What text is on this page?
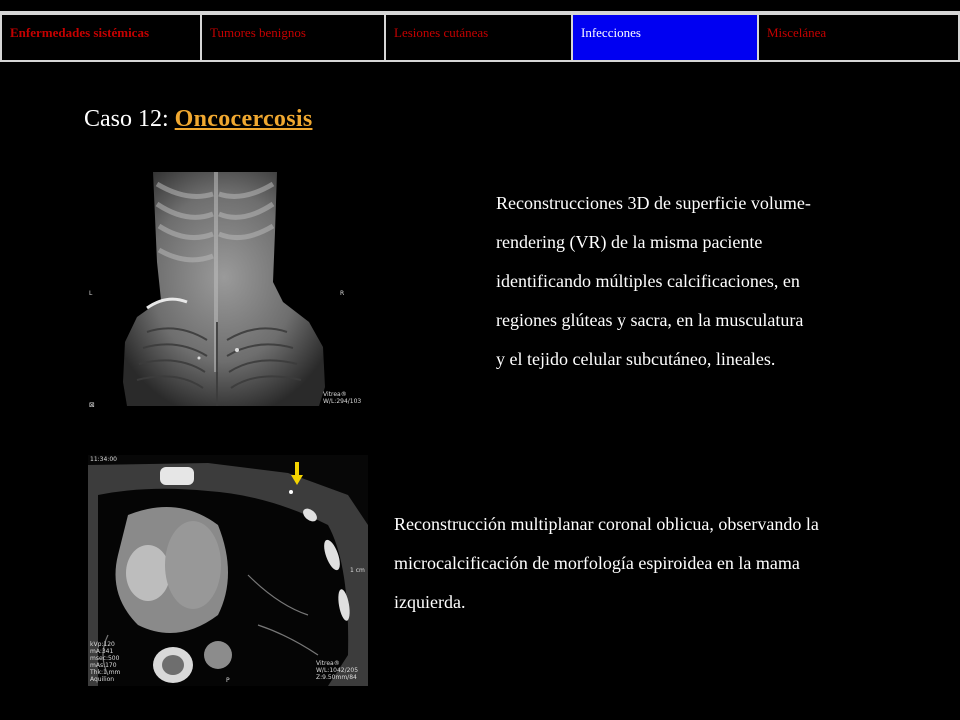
Enfermedades sistémicas	Tumores benignos	Lesiones cutáneas	Infecciones	Miscelánea
Caso 12: Oncocercosis
L	R
Vitrea®
W/L:294/103
⊠
Reconstrucciones 3D de superficie volume-
rendering (VR) de la misma paciente
identificando múltiples calcificaciones, en
regiones glúteas y sacra, en la musculatura
y el tejido celular subcutáneo, lineales.
11:34:00
1 cm
kVp:120
mA:341
msec:500
mAs:170
Thk:1 mm
Aquilion
Vitrea®
W/L:1042/205
Z:9.50mm/84
P
Reconstrucción multiplanar coronal oblicua, observando la
microcalcificación de morfología espiroidea en la mama
izquierda.
